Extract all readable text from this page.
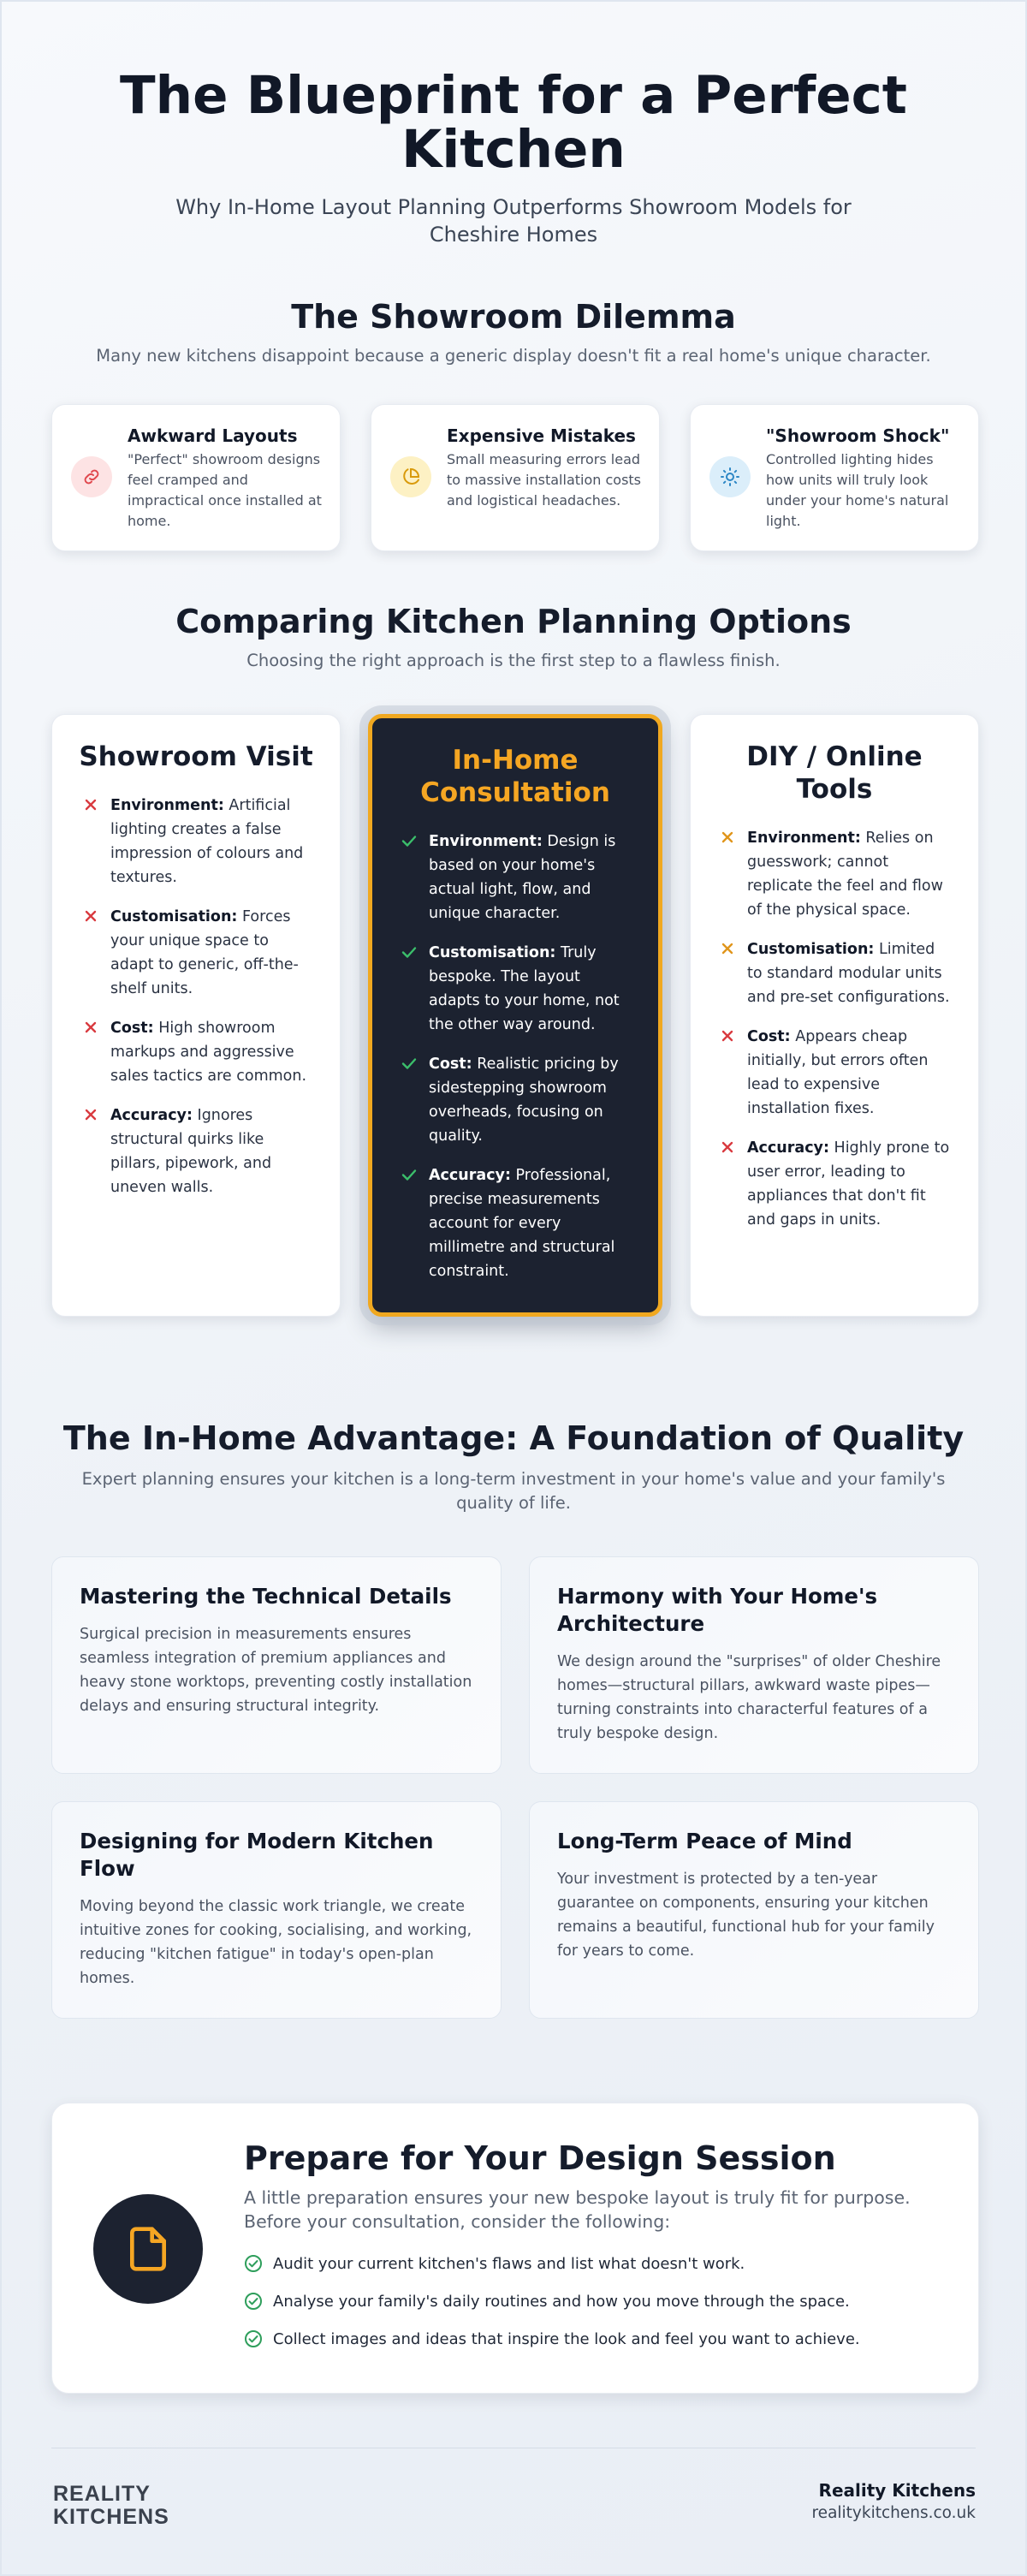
The Blueprint for a Perfect Kitchen
Why In-Home Layout Planning Outperforms Showroom Models for Cheshire Homes
The Showroom Dilemma
Many new kitchens disappoint because a generic display doesn't fit a real home's unique character.
Awkward Layouts
"Perfect" showroom designs feel cramped and impractical once installed at home.
Expensive Mistakes
Small measuring errors lead to massive installation costs and logistical headaches.
"Showroom Shock"
Controlled lighting hides how units will truly look under your home's natural light.
Comparing Kitchen Planning Options
Choosing the right approach is the first step to a flawless finish.
Showroom Visit
Environment: Artificial lighting creates a false impression of colours and textures.
Customisation: Forces your unique space to adapt to generic, off-the-shelf units.
Cost: High showroom markups and aggressive sales tactics are common.
Accuracy: Ignores structural quirks like pillars, pipework, and uneven walls.
In-Home Consultation
Environment: Design is based on your home's actual light, flow, and unique character.
Customisation: Truly bespoke. The layout adapts to your home, not the other way around.
Cost: Realistic pricing by sidestepping showroom overheads, focusing on quality.
Accuracy: Professional, precise measurements account for every millimetre and structural constraint.
DIY / Online Tools
Environment: Relies on guesswork; cannot replicate the feel and flow of the physical space.
Customisation: Limited to standard modular units and pre-set configurations.
Cost: Appears cheap initially, but errors often lead to expensive installation fixes.
Accuracy: Highly prone to user error, leading to appliances that don't fit and gaps in units.
The In-Home Advantage: A Foundation of Quality
Expert planning ensures your kitchen is a long-term investment in your home's value and your family's quality of life.
Mastering the Technical Details
Surgical precision in measurements ensures seamless integration of premium appliances and heavy stone worktops, preventing costly installation delays and ensuring structural integrity.
Harmony with Your Home's Architecture
We design around the "surprises" of older Cheshire homes—structural pillars, awkward waste pipes—turning constraints into characterful features of a truly bespoke design.
Designing for Modern Kitchen Flow
Moving beyond the classic work triangle, we create intuitive zones for cooking, socialising, and working, reducing "kitchen fatigue" in today's open-plan homes.
Long-Term Peace of Mind
Your investment is protected by a ten-year guarantee on components, ensuring your kitchen remains a beautiful, functional hub for your family for years to come.
Prepare for Your Design Session
A little preparation ensures your new bespoke layout is truly fit for purpose. Before your consultation, consider the following:
Audit your current kitchen's flaws and list what doesn't work.
Analyse your family's daily routines and how you move through the space.
Collect images and ideas that inspire the look and feel you want to achieve.
REALITY
KITCHENS
Reality Kitchens
realitykitchens.co.uk
